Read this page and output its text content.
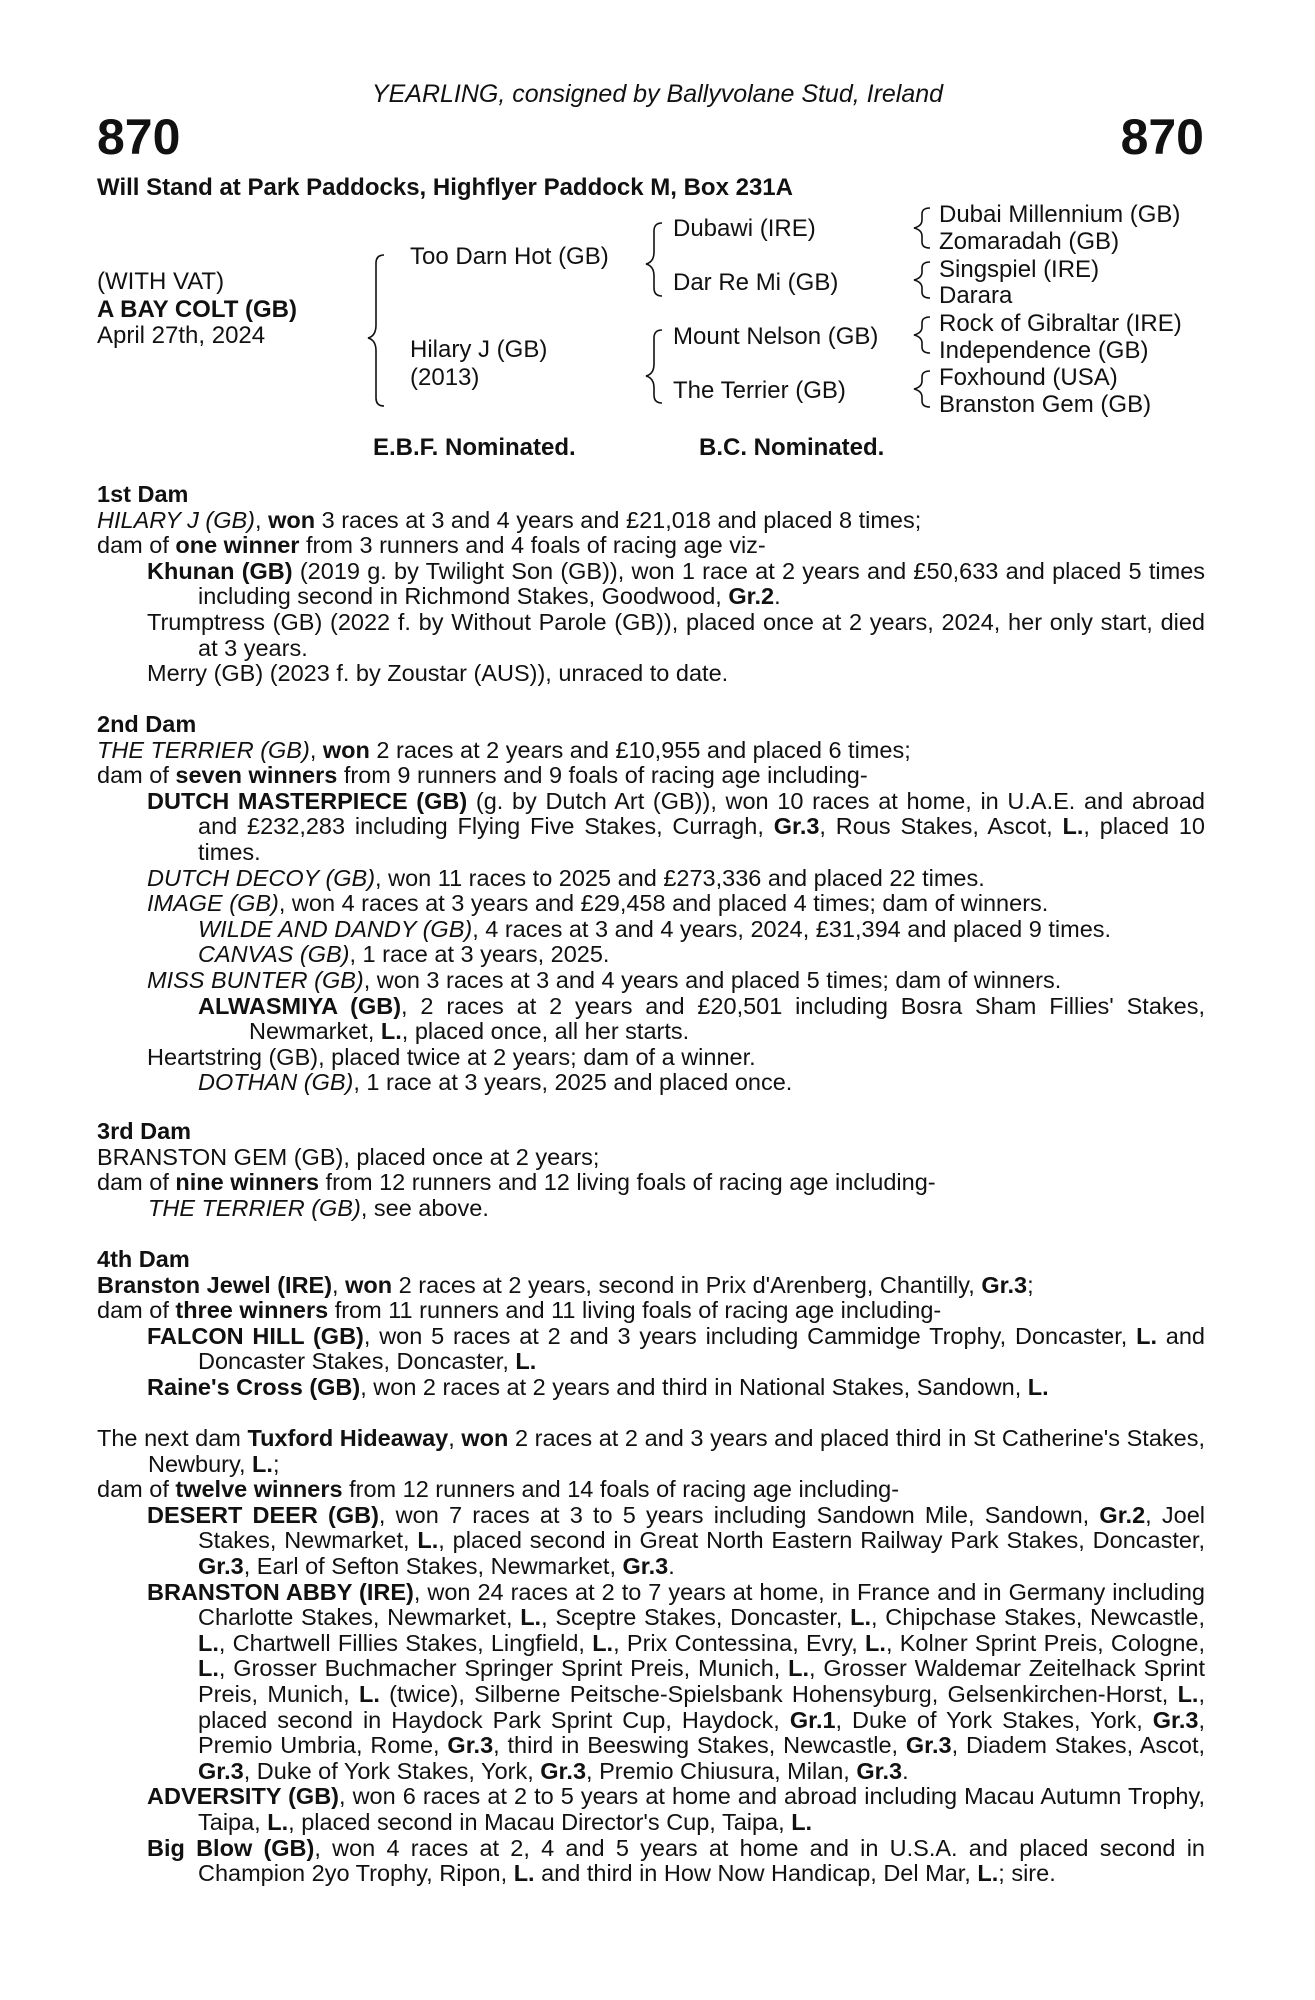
YEARLING, consigned by Ballyvolane Stud, Ireland
870	870
Will Stand at Park Paddocks, Highflyer Paddock M, Box 231A
(WITH VAT)
A BAY COLT (GB)
April 27th, 2024
Too Darn Hot (GB)
Hilary J (GB)
(2013)
Dubawi (IRE)
Dar Re Mi (GB)
Mount Nelson (GB)
The Terrier (GB)
Dubai Millennium (GB)
Zomaradah (GB)
Singspiel (IRE)
Darara
Rock of Gibraltar (IRE)
Independence (GB)
Foxhound (USA)
Branston Gem (GB)
E.B.F. Nominated.	B.C. Nominated.

1st Dam

HILARY J (GB), won 3 races at 3 and 4 years and £21,018 and placed 8 times;

dam of one winner from 3 runners and 4 foals of racing age viz-

Khunan (GB) (2019 g. by Twilight Son (GB)), won 1 race at 2 years and £50,633 and placed 5 times including second in Richmond Stakes, Goodwood, Gr.2.

Trumptress (GB) (2022 f. by Without Parole (GB)), placed once at 2 years, 2024, her only start, died at 3 years.

Merry (GB) (2023 f. by Zoustar (AUS)), unraced to date.

2nd Dam

THE TERRIER (GB), won 2 races at 2 years and £10,955 and placed 6 times;

dam of seven winners from 9 runners and 9 foals of racing age including-

DUTCH MASTERPIECE (GB) (g. by Dutch Art (GB)), won 10 races at home, in U.A.E. and abroad and £232,283 including Flying Five Stakes, Curragh, Gr.3, Rous Stakes, Ascot, L., placed 10 times.

DUTCH DECOY (GB), won 11 races to 2025 and £273,336 and placed 22 times.

IMAGE (GB), won 4 races at 3 years and £29,458 and placed 4 times; dam of winners.

WILDE AND DANDY (GB), 4 races at 3 and 4 years, 2024, £31,394 and placed 9 times.

CANVAS (GB), 1 race at 3 years, 2025.

MISS BUNTER (GB), won 3 races at 3 and 4 years and placed 5 times; dam of winners.

ALWASMIYA (GB), 2 races at 2 years and £20,501 including Bosra Sham Fillies' Stakes, Newmarket, L., placed once, all her starts.

Heartstring (GB), placed twice at 2 years; dam of a winner.

DOTHAN (GB), 1 race at 3 years, 2025 and placed once.

3rd Dam

BRANSTON GEM (GB), placed once at 2 years;

dam of nine winners from 12 runners and 12 living foals of racing age including-

THE TERRIER (GB), see above.

4th Dam

Branston Jewel (IRE), won 2 races at 2 years, second in Prix d'Arenberg, Chantilly, Gr.3;

dam of three winners from 11 runners and 11 living foals of racing age including-

FALCON HILL (GB), won 5 races at 2 and 3 years including Cammidge Trophy, Doncaster, L. and Doncaster Stakes, Doncaster, L.

Raine's Cross (GB), won 2 races at 2 years and third in National Stakes, Sandown, L.

The next dam Tuxford Hideaway, won 2 races at 2 and 3 years and placed third in St Catherine's Stakes, Newbury, L.;

dam of twelve winners from 12 runners and 14 foals of racing age including-

DESERT DEER (GB), won 7 races at 3 to 5 years including Sandown Mile, Sandown, Gr.2, Joel Stakes, Newmarket, L., placed second in Great North Eastern Railway Park Stakes, Doncaster, Gr.3, Earl of Sefton Stakes, Newmarket, Gr.3.

BRANSTON ABBY (IRE), won 24 races at 2 to 7 years at home, in France and in Germany including Charlotte Stakes, Newmarket, L., Sceptre Stakes, Doncaster, L., Chipchase Stakes, Newcastle, L., Chartwell Fillies Stakes, Lingfield, L., Prix Contessina, Evry, L., Kolner Sprint Preis, Cologne, L., Grosser Buchmacher Springer Sprint Preis, Munich, L., Grosser Waldemar Zeitelhack Sprint Preis, Munich, L. (twice), Silberne Peitsche-Spielsbank Hohensyburg, Gelsenkirchen-Horst, L., placed second in Haydock Park Sprint Cup, Haydock, Gr.1, Duke of York Stakes, York, Gr.3, Premio Umbria, Rome, Gr.3, third in Beeswing Stakes, Newcastle, Gr.3, Diadem Stakes, Ascot, Gr.3, Duke of York Stakes, York, Gr.3, Premio Chiusura, Milan, Gr.3.

ADVERSITY (GB), won 6 races at 2 to 5 years at home and abroad including Macau Autumn Trophy, Taipa, L., placed second in Macau Director's Cup, Taipa, L.

Big Blow (GB), won 4 races at 2, 4 and 5 years at home and in U.S.A. and placed second in Champion 2yo Trophy, Ripon, L. and third in How Now Handicap, Del Mar, L.; sire.
